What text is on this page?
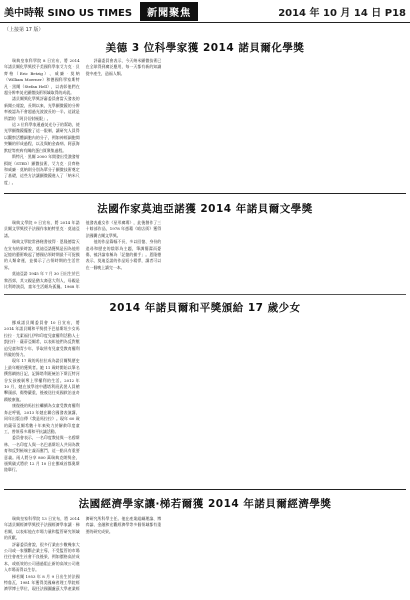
美中時報 SINO US TIMES	新聞聚焦	2014 年 10 月 14 日 P18
（上接第 17 版）
美德 3 位科學家獲 2014 諾貝爾化學獎

瑞典皇家科學院 8 日宣布，將 2014 年諾貝爾化學獎授予美國科學家艾力克‧貝齊格（Eric Betzig）、威廉‧莫納（William Moerner）和德國科學家斯特凡‧黑爾（Stefan Hell），以表彰他們在超分辨率熒光顯微技術領域取得的成就。

諾貝爾獎化學獎評審委員會當天發表的新聞公報說，長期以來，光學顯微鏡的分辨率被認為不會超過光波波長的一半。這就是所謂的「阿貝衍射極限」。

這 3 位科學家通過熒光分子的幫助，使光學顯微鏡擺脫了這一限制，讓研究人員得以觀察活體細胞內的分子，例如神經細胞間突觸的形成過程，以及與帕金森病、阿茲海默症等疾病有關的蛋白質聚集過程。

斯特凡‧黑爾 2000 年開發出受激發射損耗（STED）顯微技術，艾力克‧貝齊格和威廉‧莫納則分別為單分子顯微技術奠定了基礎，這些方法讓顯微鏡進入了「納米尺度」。

評審委員會表示，今天納米顯微技術已在全球得到廣泛應用，每一天都有新的知識從中產生，造福人類。

法國作家莫迪亞諾獲 2014 年諾貝爾文學獎

瑞典文學院 9 日宣布，將 2014 年諾貝爾文學獎授予法國作家帕特里克‧莫迪亞諾。

瑞典文學院常務秘書彼得‧恩隆德當天在宣布結果時說，莫迪亞諾獲獎是因為他用記憶的藝術喚起了德國佔領時期最不可捉摸的人類命運，並揭示了占領時期的生活世界。

莫迪亞諾 1945 年 7 月 30 日出生於巴黎西郊，其父親是猶太裔意大利人，母親是比利時演員，童年生活頗為孤獨。1968 年他發表處女作《星形廣場》，此後創作了三十餘部作品，1978 年憑藉《暗店街》獲得法國龔古爾文學獎。

他的作品篇幅不長，多以回憶、身份的追尋和歷史的陰影為主題，筆調簡潔而憂傷，被評論家稱為「記憶的捕手」。恩隆德表示，莫迪亞諾的作品短小精悍，讀者可以在一個晚上讀完一本。

2014 年諾貝爾和平獎頒給 17 歲少女

挪威諾貝爾委員會 10 日宣布，將 2014 年諾貝爾和平獎授予巴基斯坦少女馬拉拉‧尤素福扎伊和印度兒童權利活動人士凱拉什‧薩蒂亞爾希，以表彰他們為反對壓迫兒童和青少年、爭取所有兒童受教育權利所做的努力。

現年 17 歲的馬拉拉成為諾貝爾獎歷史上最年輕的獲獎者。她 11 歲時開始以筆名撰寫網絡日記，記錄塔利班統治下斯瓦特河谷女孩被剝奪上學權利的生活。2012 年 10 月，她在放學途中遭塔利班武裝人員槍擊頭部，傷勢嚴重，後被送往英國救治並奇蹟般康復。

康復後的馬拉拉繼續為女童受教育權利奔走呼號，2013 年她在聯合國發表演講，同年出版自傳《我是馬拉拉》。現年 60 歲的薩蒂亞爾希數十年來致力於解救印度童工，曾領導多場和平抗議活動。

委員會表示，一名印度教徒與一名穆斯林、一名印度人與一名巴基斯坦人共同為教育和反對極端主義而奮鬥，這一點具有重要意義。兩人將分享 800 萬瑞典克朗獎金，頒獎儀式將於 12 月 10 日在挪威首都奧斯陸舉行。

法國經濟學家讓‧梯若爾獲 2014 年諾貝爾經濟學獎

瑞典皇家科學院 13 日宣布，將 2014 年諾貝爾經濟學獎授予法國經濟學家讓‧梯若爾，以表彰他在市場力量和監管研究領域的貢獻。

評審委員會說，很多行業由少數幾家大公司或一家壟斷企業主導，不受監管的市場往往會產生社會不良後果，例如價格高於成本，或低效的公司通過阻止新的高效公司進入市場而得以生存。

梯若爾 1953 年 8 月 9 日出生於法國特魯瓦，1981 年獲得美國麻省理工學院經濟學博士學位，現任法國圖盧茲大學產業經濟研究所科學主任。他在產業組織理論、博弈論、金融和宏觀經濟學等多個領域都有重要的研究成果。
